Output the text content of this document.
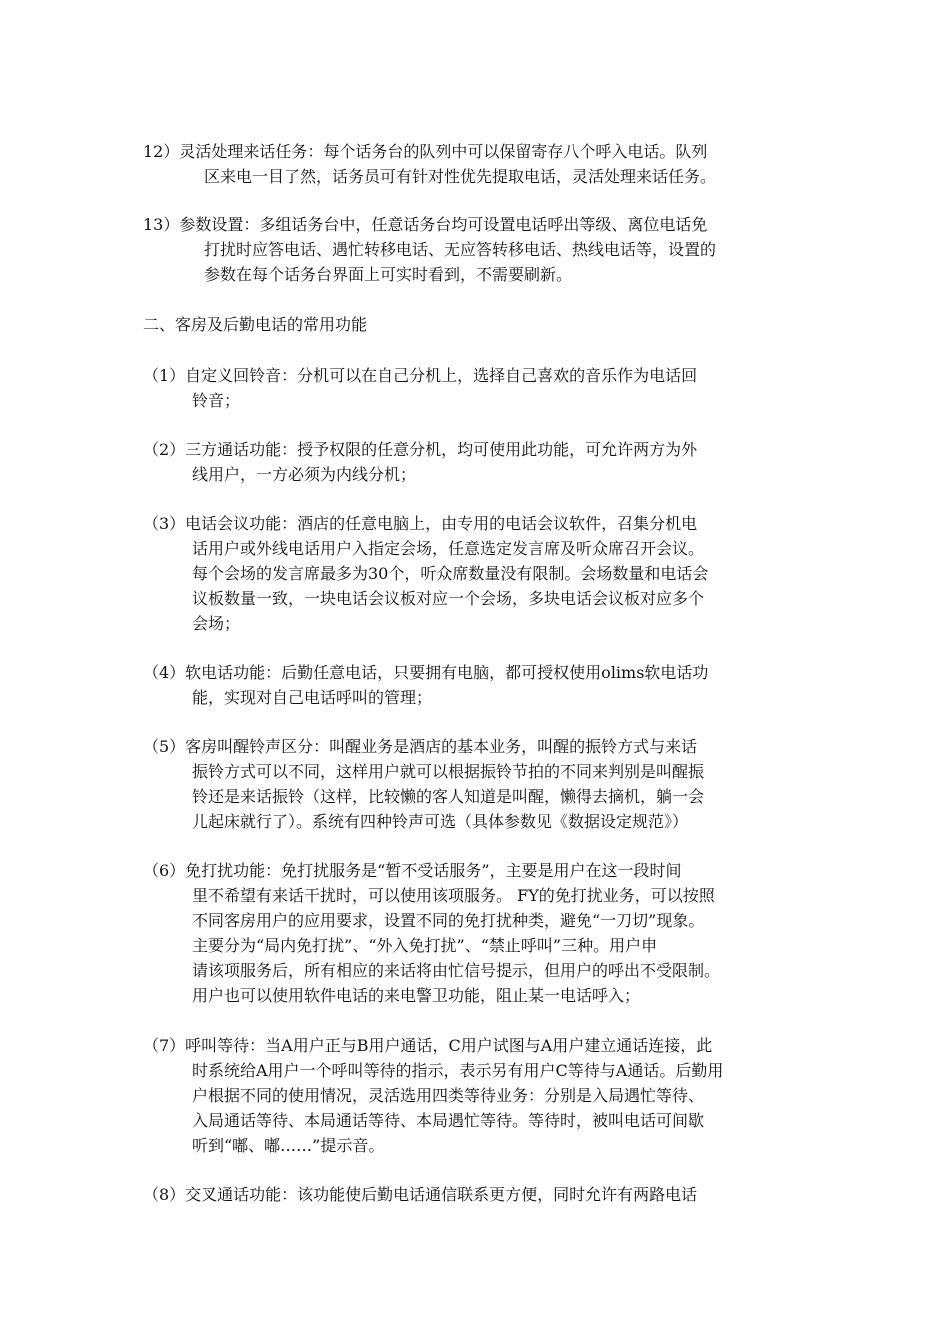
12）灵活处理来话任务：每个话务台的队列中可以保留寄存八个呼入电话。队列
区来电一目了然，话务员可有针对性优先提取电话，灵活处理来话任务。
13）参数设置：多组话务台中，任意话务台均可设置电话呼出等级、离位电话免
打扰时应答电话、遇忙转移电话、无应答转移电话、热线电话等，设置的
参数在每个话务台界面上可实时看到，不需要刷新。
二、客房及后勤电话的常用功能
（1）自定义回铃音：分机可以在自己分机上，选择自己喜欢的音乐作为电话回
铃音；
（2）三方通话功能：授予权限的任意分机，均可使用此功能，可允许两方为外
线用户，一方必须为内线分机；
（3）电话会议功能：酒店的任意电脑上，由专用的电话会议软件，召集分机电
话用户或外线电话用户入指定会场，任意选定发言席及听众席召开会议。
每个会场的发言席最多为30个，听众席数量没有限制。会场数量和电话会
议板数量一致，一块电话会议板对应一个会场，多块电话会议板对应多个
会场；
（4）软电话功能：后勤任意电话，只要拥有电脑，都可授权使用olims软电话功
能，实现对自己电话呼叫的管理；
（5）客房叫醒铃声区分：叫醒业务是酒店的基本业务，叫醒的振铃方式与来话
振铃方式可以不同，这样用户就可以根据振铃节拍的不同来判别是叫醒振
铃还是来话振铃（这样，比较懒的客人知道是叫醒，懒得去摘机，躺一会
儿起床就行了）。系统有四种铃声可选（具体参数见《数据设定规范》）
（6）免打扰功能：免打扰服务是“暂不受话服务”，主要是用户在这一段时间
里不希望有来话干扰时，可以使用该项服务。 FY的免打扰业务，可以按照
不同客房用户的应用要求，设置不同的免打扰种类，避免“一刀切”现象。
主要分为“局内免打扰”、“外入免打扰”、“禁止呼叫”三种。用户申
请该项服务后，所有相应的来话将由忙信号提示，但用户的呼出不受限制。
用户也可以使用软件电话的来电警卫功能，阻止某一电话呼入；
（7）呼叫等待：当A用户正与B用户通话，C用户试图与A用户建立通话连接，此
时系统给A用户一个呼叫等待的指示，表示另有用户C等待与A通话。后勤用
户根据不同的使用情况，灵活选用四类等待业务：分别是入局遇忙等待、
入局通话等待、本局通话等待、本局遇忙等待。等待时，被叫电话可间歇
听到“嘟、嘟……”提示音。
（8）交叉通话功能：该功能使后勤电话通信联系更方便，同时允许有两路电话
